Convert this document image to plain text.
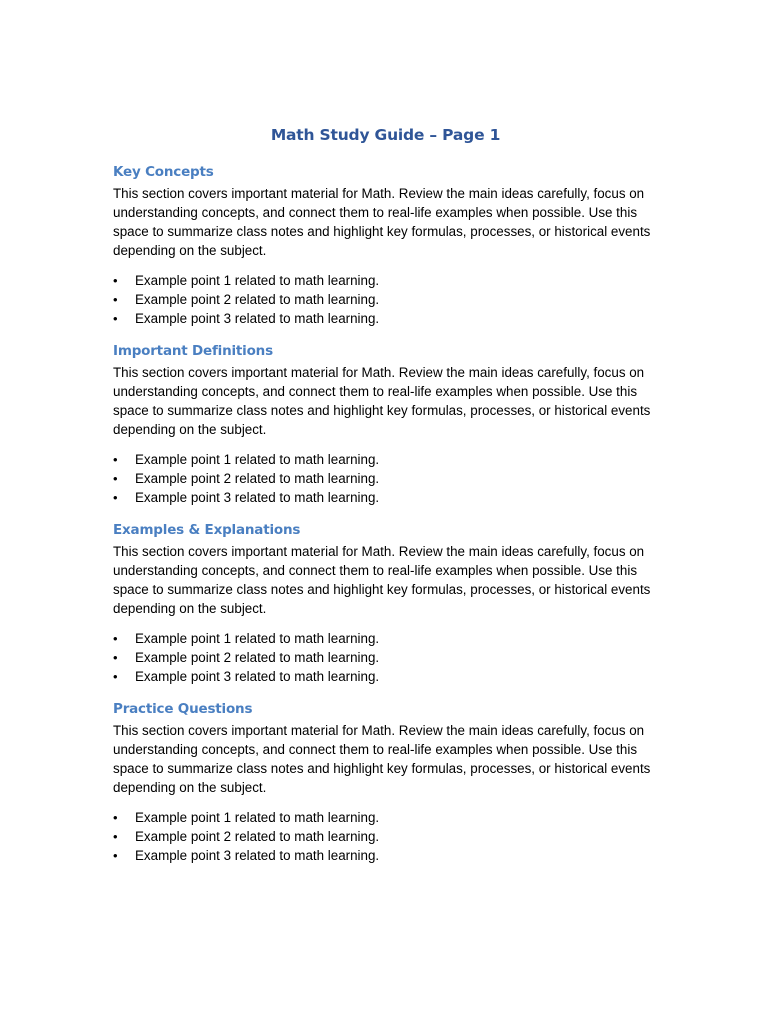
Math Study Guide – Page 1
Key Concepts

This section covers important material for Math. Review the main ideas carefully, focus on understanding concepts, and connect them to real-life examples when possible. Use this space to summarize class notes and highlight key formulas, processes, or historical events depending on the subject.

•	Example point 1 related to math learning.
•	Example point 2 related to math learning.
•	Example point 3 related to math learning.
Important Definitions

This section covers important material for Math. Review the main ideas carefully, focus on understanding concepts, and connect them to real-life examples when possible. Use this space to summarize class notes and highlight key formulas, processes, or historical events depending on the subject.

•	Example point 1 related to math learning.
•	Example point 2 related to math learning.
•	Example point 3 related to math learning.
Examples & Explanations

This section covers important material for Math. Review the main ideas carefully, focus on understanding concepts, and connect them to real-life examples when possible. Use this space to summarize class notes and highlight key formulas, processes, or historical events depending on the subject.

•	Example point 1 related to math learning.
•	Example point 2 related to math learning.
•	Example point 3 related to math learning.
Practice Questions

This section covers important material for Math. Review the main ideas carefully, focus on understanding concepts, and connect them to real-life examples when possible. Use this space to summarize class notes and highlight key formulas, processes, or historical events depending on the subject.

•	Example point 1 related to math learning.
•	Example point 2 related to math learning.
•	Example point 3 related to math learning.
